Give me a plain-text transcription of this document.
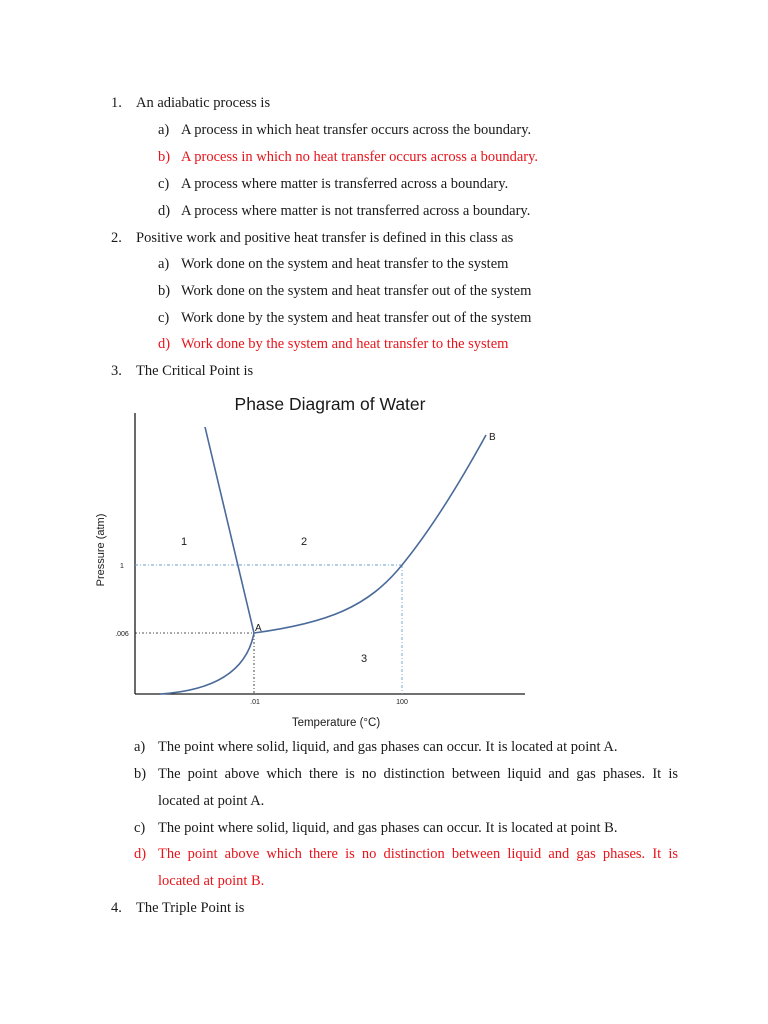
1. An adiabatic process is
a) A process in which heat transfer occurs across the boundary.
b) A process in which no heat transfer occurs across a boundary.
c) A process where matter is transferred across a boundary.
d) A process where matter is not transferred across a boundary.
2. Positive work and positive heat transfer is defined in this class as
a) Work done on the system and heat transfer to the system
b) Work done on the system and heat transfer out of the system
c) Work done by the system and heat transfer out of the system
d) Work done by the system and heat transfer to the system
3. The Critical Point is
Phase Diagram of Water
A
B
1	2
3
1
.006
.01	100
Temperature (°C)
Pressure (atm)
a) The point where solid, liquid, and gas phases can occur. It is located at point A.
b) The point above which there is no distinction between liquid and gas phases. It is
located at point A.
c) The point where solid, liquid, and gas phases can occur. It is located at point B.
d) The point above which there is no distinction between liquid and gas phases. It is
located at point B.
4. The Triple Point is
